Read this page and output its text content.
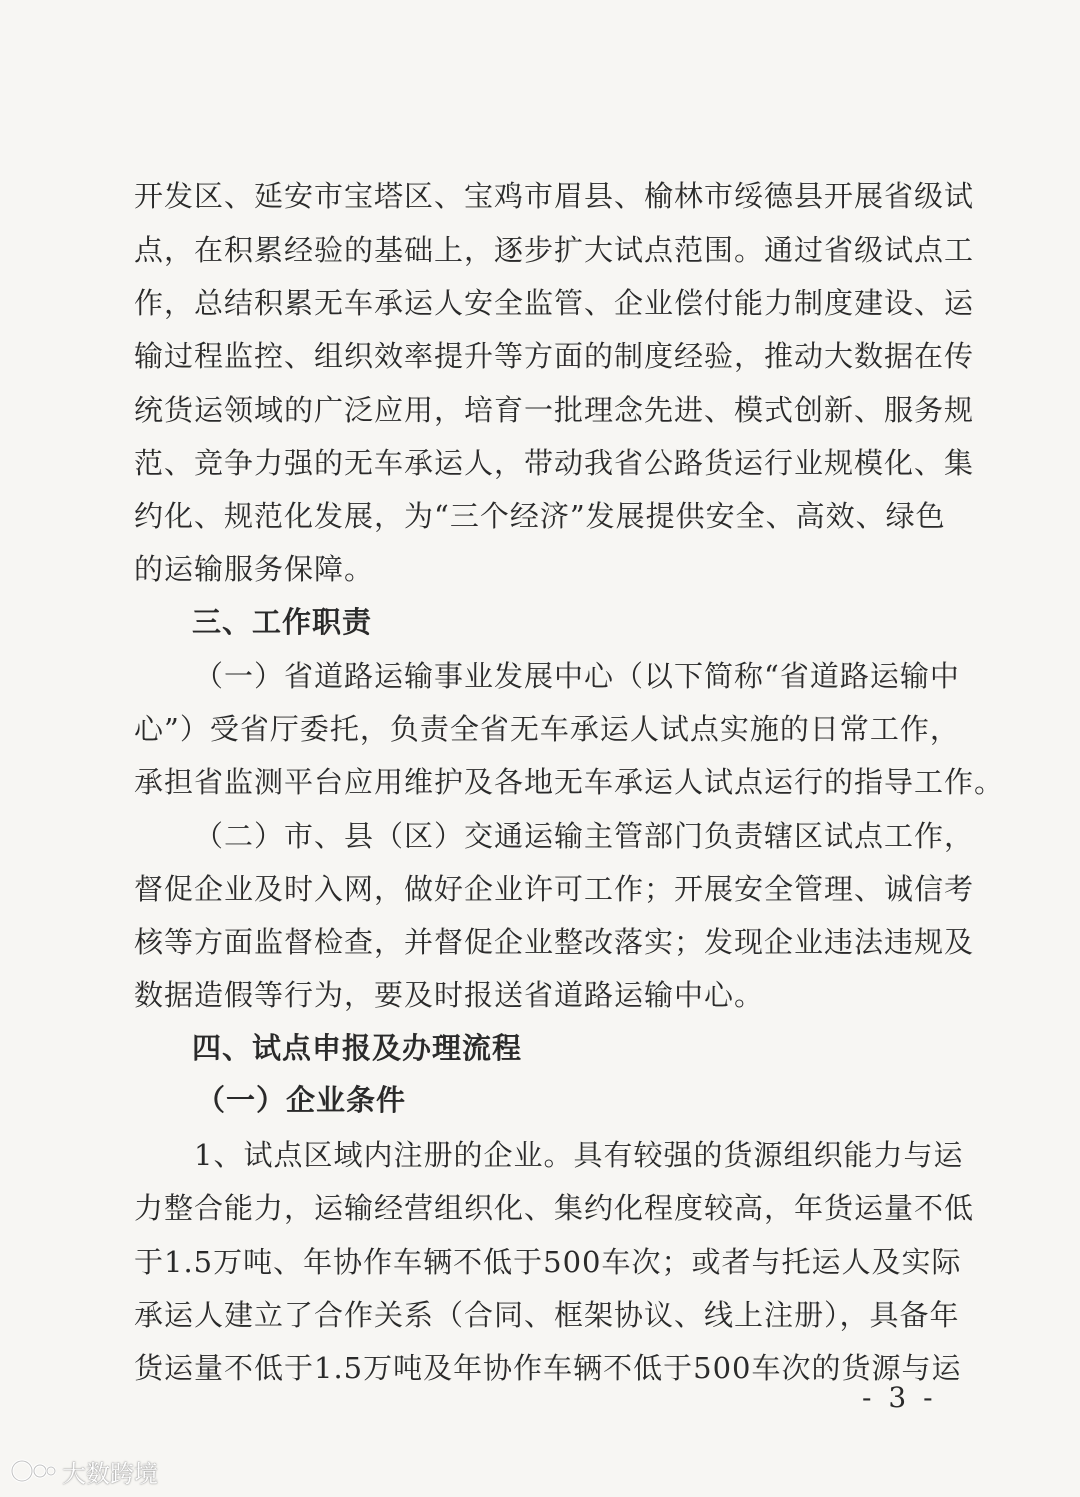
开发区、延安市宝塔区、宝鸡市眉县、榆林市绥德县开展省级试
点，在积累经验的基础上，逐步扩大试点范围。通过省级试点工
作，总结积累无车承运人安全监管、企业偿付能力制度建设、运
输过程监控、组织效率提升等方面的制度经验，推动大数据在传
统货运领域的广泛应用，培育一批理念先进、模式创新、服务规
范、竞争力强的无车承运人，带动我省公路货运行业规模化、集
约化、规范化发展，为“三个经济”发展提供安全、高效、绿色
的运输服务保障。
三、工作职责
（一）省道路运输事业发展中心（以下简称“省道路运输中
心”）受省厅委托，负责全省无车承运人试点实施的日常工作，
承担省监测平台应用维护及各地无车承运人试点运行的指导工作。
（二）市、县（区）交通运输主管部门负责辖区试点工作，
督促企业及时入网，做好企业许可工作；开展安全管理、诚信考
核等方面监督检查，并督促企业整改落实；发现企业违法违规及
数据造假等行为，要及时报送省道路运输中心。
四、试点申报及办理流程
（一）企业条件
1、试点区域内注册的企业。具有较强的货源组织能力与运
力整合能力，运输经营组织化、集约化程度较高，年货运量不低
于1.5万吨、年协作车辆不低于500车次；或者与托运人及实际
承运人建立了合作关系（合同、框架协议、线上注册），具备年
货运量不低于1.5万吨及年协作车辆不低于500车次的货源与运
- 3 -
大数跨境
